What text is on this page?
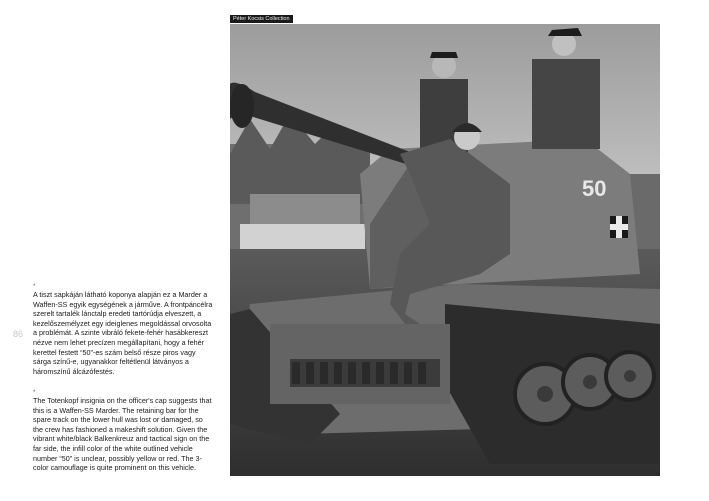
Péter Kocsis Collection
50
86
*
A tiszt sapkáján látható koponya alapján ez a Marder a Waffen-SS egyik egységének a járműve. A frontpáncélra szerelt tartalék lánctalp eredeti tartórúdja elveszett, a kezelőszemélyzet egy ideiglenes megoldással orvosolta a problémát. A szinte vibráló fekete-fehér hasábkereszt nézve nem lehet precízen megállapítani, hogy a fehér kerettel festett “50”-es szám belső része piros vagy sárga színű-e, ugyanakkor feltétlenül látványos a háromszínű álcázófestés.
*
The Totenkopf insignia on the officer's cap suggests that this is a Waffen-SS Marder. The retaining bar for the spare track on the lower hull was lost or damaged, so the crew has fashioned a makeshift solution. Given the vibrant white/black Balkenkreuz and tactical sign on the far side, the infill color of the white outlined vehicle number “50” is unclear, possibly yellow or red. The 3-color camouflage is quite prominent on this vehicle.
